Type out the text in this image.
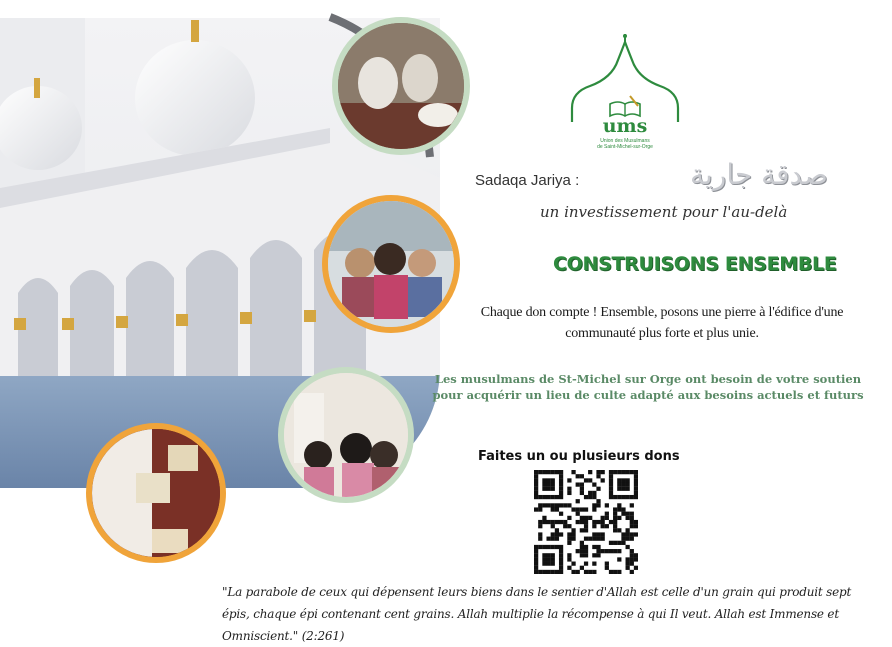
ums
Union des Musulmans
de Saint-Michel-sur-Orge
Sadaqa Jariya :	صدقة جارية
un investissement pour l'au-delà
CONSTRUISONS ENSEMBLE
Chaque don compte ! Ensemble, posons une pierre à l'édifice d'une communauté plus forte et plus unie.
Les musulmans de St-Michel sur Orge ont besoin de votre soutien pour acquérir un lieu de culte adapté aux besoins actuels et futurs
Faites un ou plusieurs dons
"La parabole de ceux qui dépensent leurs biens dans le sentier d'Allah est celle d'un grain qui produit sept épis, chaque épi contenant cent grains. Allah multiplie la récompense à qui Il veut. Allah est Immense et Omniscient." (2:261)
